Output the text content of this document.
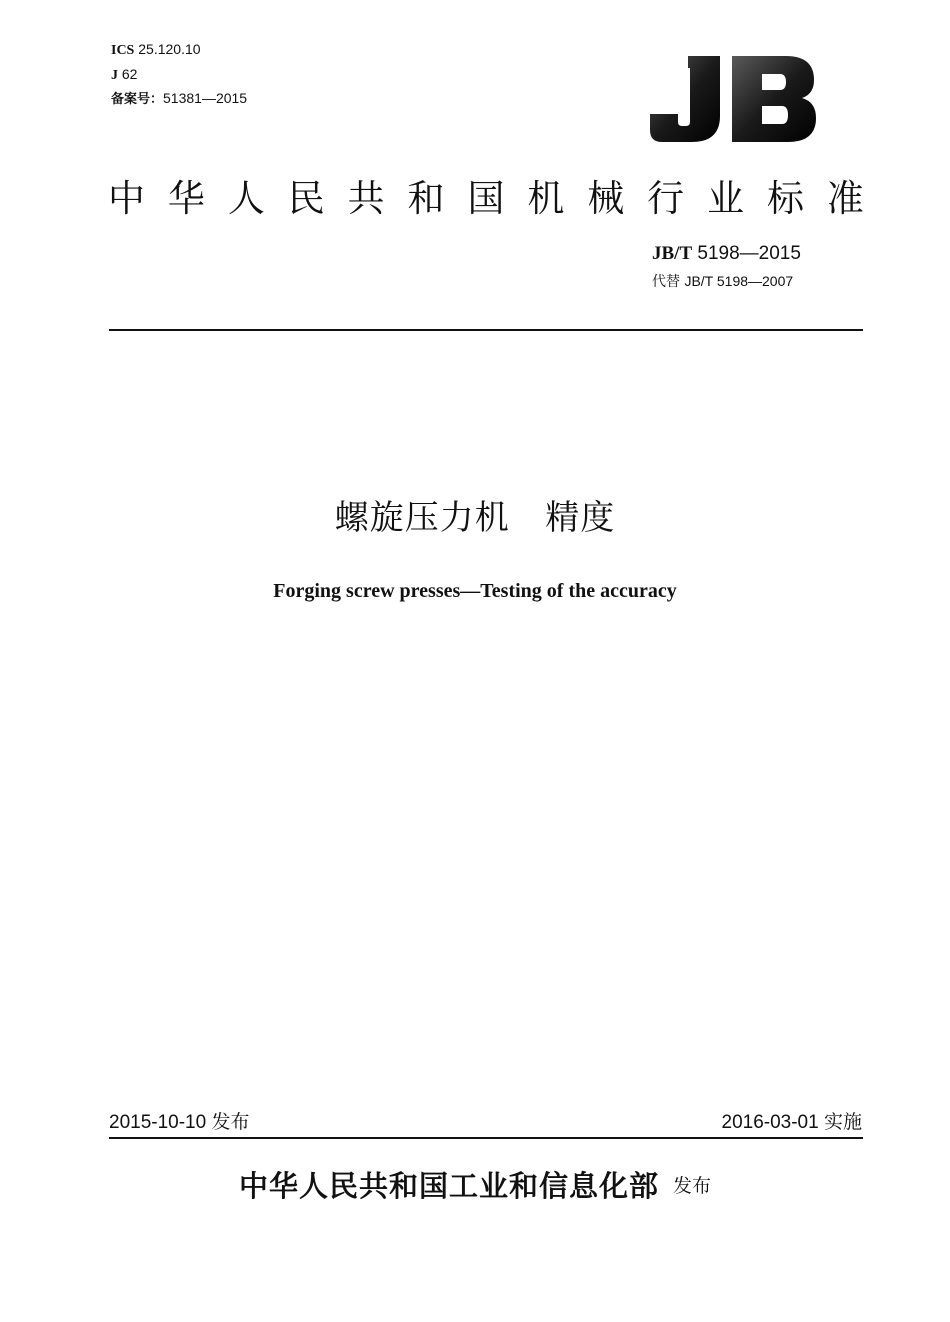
ICS 25.120.10
J 62
备案号：51381—2015
中 华 人 民 共 和 国 机 械 行 业 标 准
JB/T 5198—2015
代替 JB/T 5198—2007
螺旋压力机   精度
Forging screw presses—Testing of the accuracy
2015-10-10 发布	2016-03-01 实施
中华人民共和国工业和信息化部 发布
